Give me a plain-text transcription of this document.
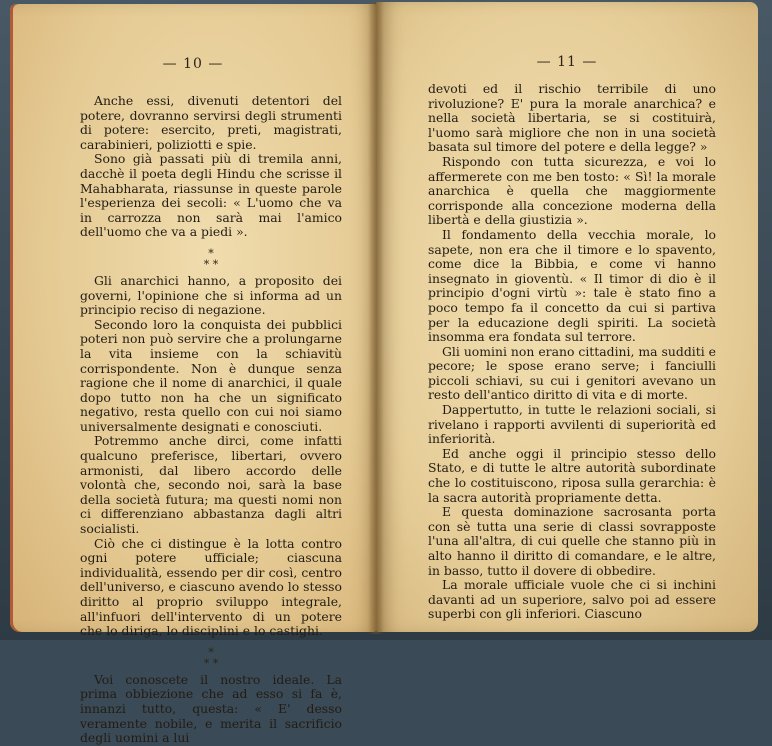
— 10 —

Anche essi, divenuti detentori del potere, dovranno servirsi degli strumenti di potere: esercito, preti, magistrati, carabinieri, poliziotti e spie.

Sono già passati più di tremila anni, dacchè il poeta degli Hindu che scrisse il Mahabharata, riassunse in queste parole l'esperienza dei secoli: « L'uomo che va in carrozza non sarà mai l'amico dell'uomo che va a piedi ».

*
* *

Gli anarchici hanno, a proposito dei governi, l'opinione che si informa ad un principio reciso di negazione.

Secondo loro la conquista dei pubblici poteri non può servire che a prolungarne la vita insieme con la schiavitù corrispondente. Non è dunque senza ragione che il nome di anarchici, il quale dopo tutto non ha che un significato negativo, resta quello con cui noi siamo universalmente designati e conosciuti.

Potremmo anche dirci, come infatti qualcuno preferisce, libertari, ovvero armonisti, dal libero accordo delle volontà che, secondo noi, sarà la base della società futura; ma questi nomi non ci differenziano abbastanza dagli altri socialisti.

Ciò che ci distingue è la lotta contro ogni potere ufficiale; ciascuna individualità, essendo per dir così, centro dell'universo, e ciascuno avendo lo stesso diritto al proprio sviluppo integrale, all'infuori dell'intervento di un potere che lo diriga, lo disciplini e lo castighi.

*
* *

Voi conoscete il nostro ideale. La prima obbiezione che ad esso si fa è, innanzi tutto, questa: « E' desso veramente nobile, e merita il sacrificio degli uomini a lui

— 11 —

devoti ed il rischio terribile di uno rivoluzione? E' pura la morale anarchica? e nella società libertaria, se si costituirà, l'uomo sarà migliore che non in una società basata sul timore del potere e della legge? »

Rispondo con tutta sicurezza, e voi lo affermerete con me ben tosto: « Sì! la morale anarchica è quella che maggiormente corrisponde alla concezione moderna della libertà e della giustizia ».

Il fondamento della vecchia morale, lo sapete, non era che il timore e lo spavento, come dice la Bibbia, e come vi hanno insegnato in gioventù. « Il timor di dio è il principio d'ogni virtù »: tale è stato fino a poco tempo fa il concetto da cui si partiva per la educazione degli spiriti. La società insomma era fondata sul terrore.

Gli uomini non erano cittadini, ma sudditi e pecore; le spose erano serve; i fanciulli piccoli schiavi, su cui i genitori avevano un resto dell'antico diritto di vita e di morte.

Dappertutto, in tutte le relazioni sociali, si rivelano i rapporti avvilenti di superiorità ed inferiorità.

Ed anche oggi il principio stesso dello Stato, e di tutte le altre autorità subordinate che lo costituiscono, riposa sulla gerarchia: è la sacra autorità propriamente detta.

E questa dominazione sacrosanta porta con sè tutta una serie di classi sovrapposte l'una all'altra, di cui quelle che stanno più in alto hanno il diritto di comandare, e le altre, in basso, tutto il dovere di obbedire.

La morale ufficiale vuole che ci si inchini davanti ad un superiore, salvo poi ad essere superbi con gli inferiori. Ciascuno
